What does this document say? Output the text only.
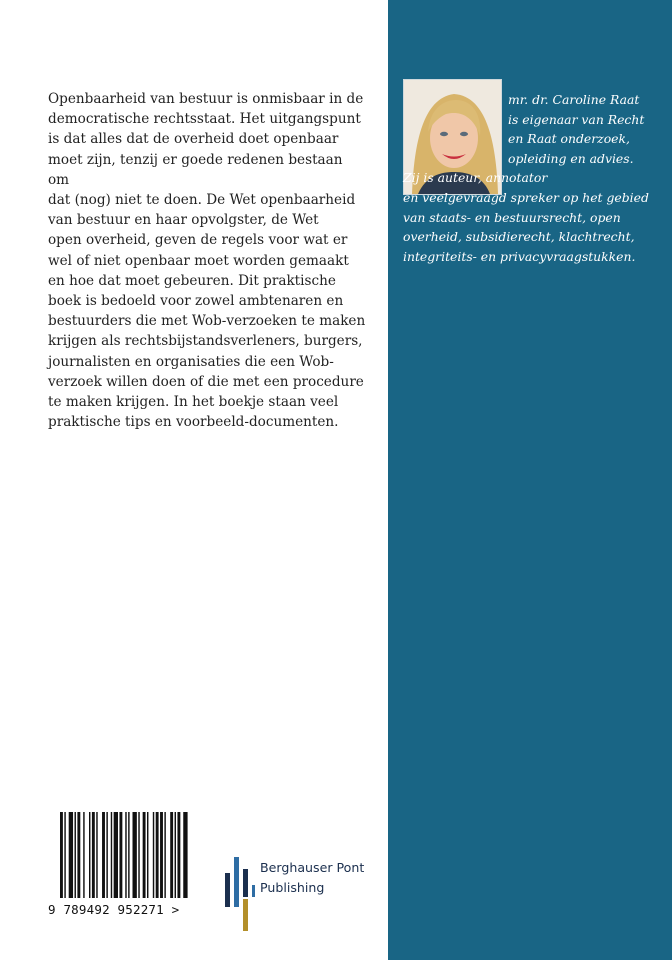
Openbaarheid van bestuur is onmisbaar in de
democratische rechtsstaat. Het uitgangspunt
is dat alles dat de overheid doet openbaar
moet zijn, tenzij er goede redenen bestaan om
dat (nog) niet te doen. De Wet openbaarheid
van bestuur en haar opvolgster, de Wet
open overheid, geven de regels voor wat er
wel of niet openbaar moet worden gemaakt
en hoe dat moet gebeuren. Dit praktische
boek is bedoeld voor zowel ambtenaren en
bestuurders die met Wob-verzoeken te maken
krijgen als rechtsbijstandsverleners, burgers,
journalisten en organisaties die een Wob-
verzoek willen doen of die met een procedure
te maken krijgen. In het boekje staan veel
praktische tips en voorbeeld-documenten.

9 789492 952271 >
Berghauser Pont
Publishing
mr. dr. Caroline Raat
is eigenaar van Recht
en Raat onderzoek,
opleiding en advies.
Zij is auteur, annotator
en veelgevraagd spreker op het gebied
van staats- en bestuursrecht, open
overheid, subsidierecht, klachtrecht,
integriteits- en privacyvraagstukken.
